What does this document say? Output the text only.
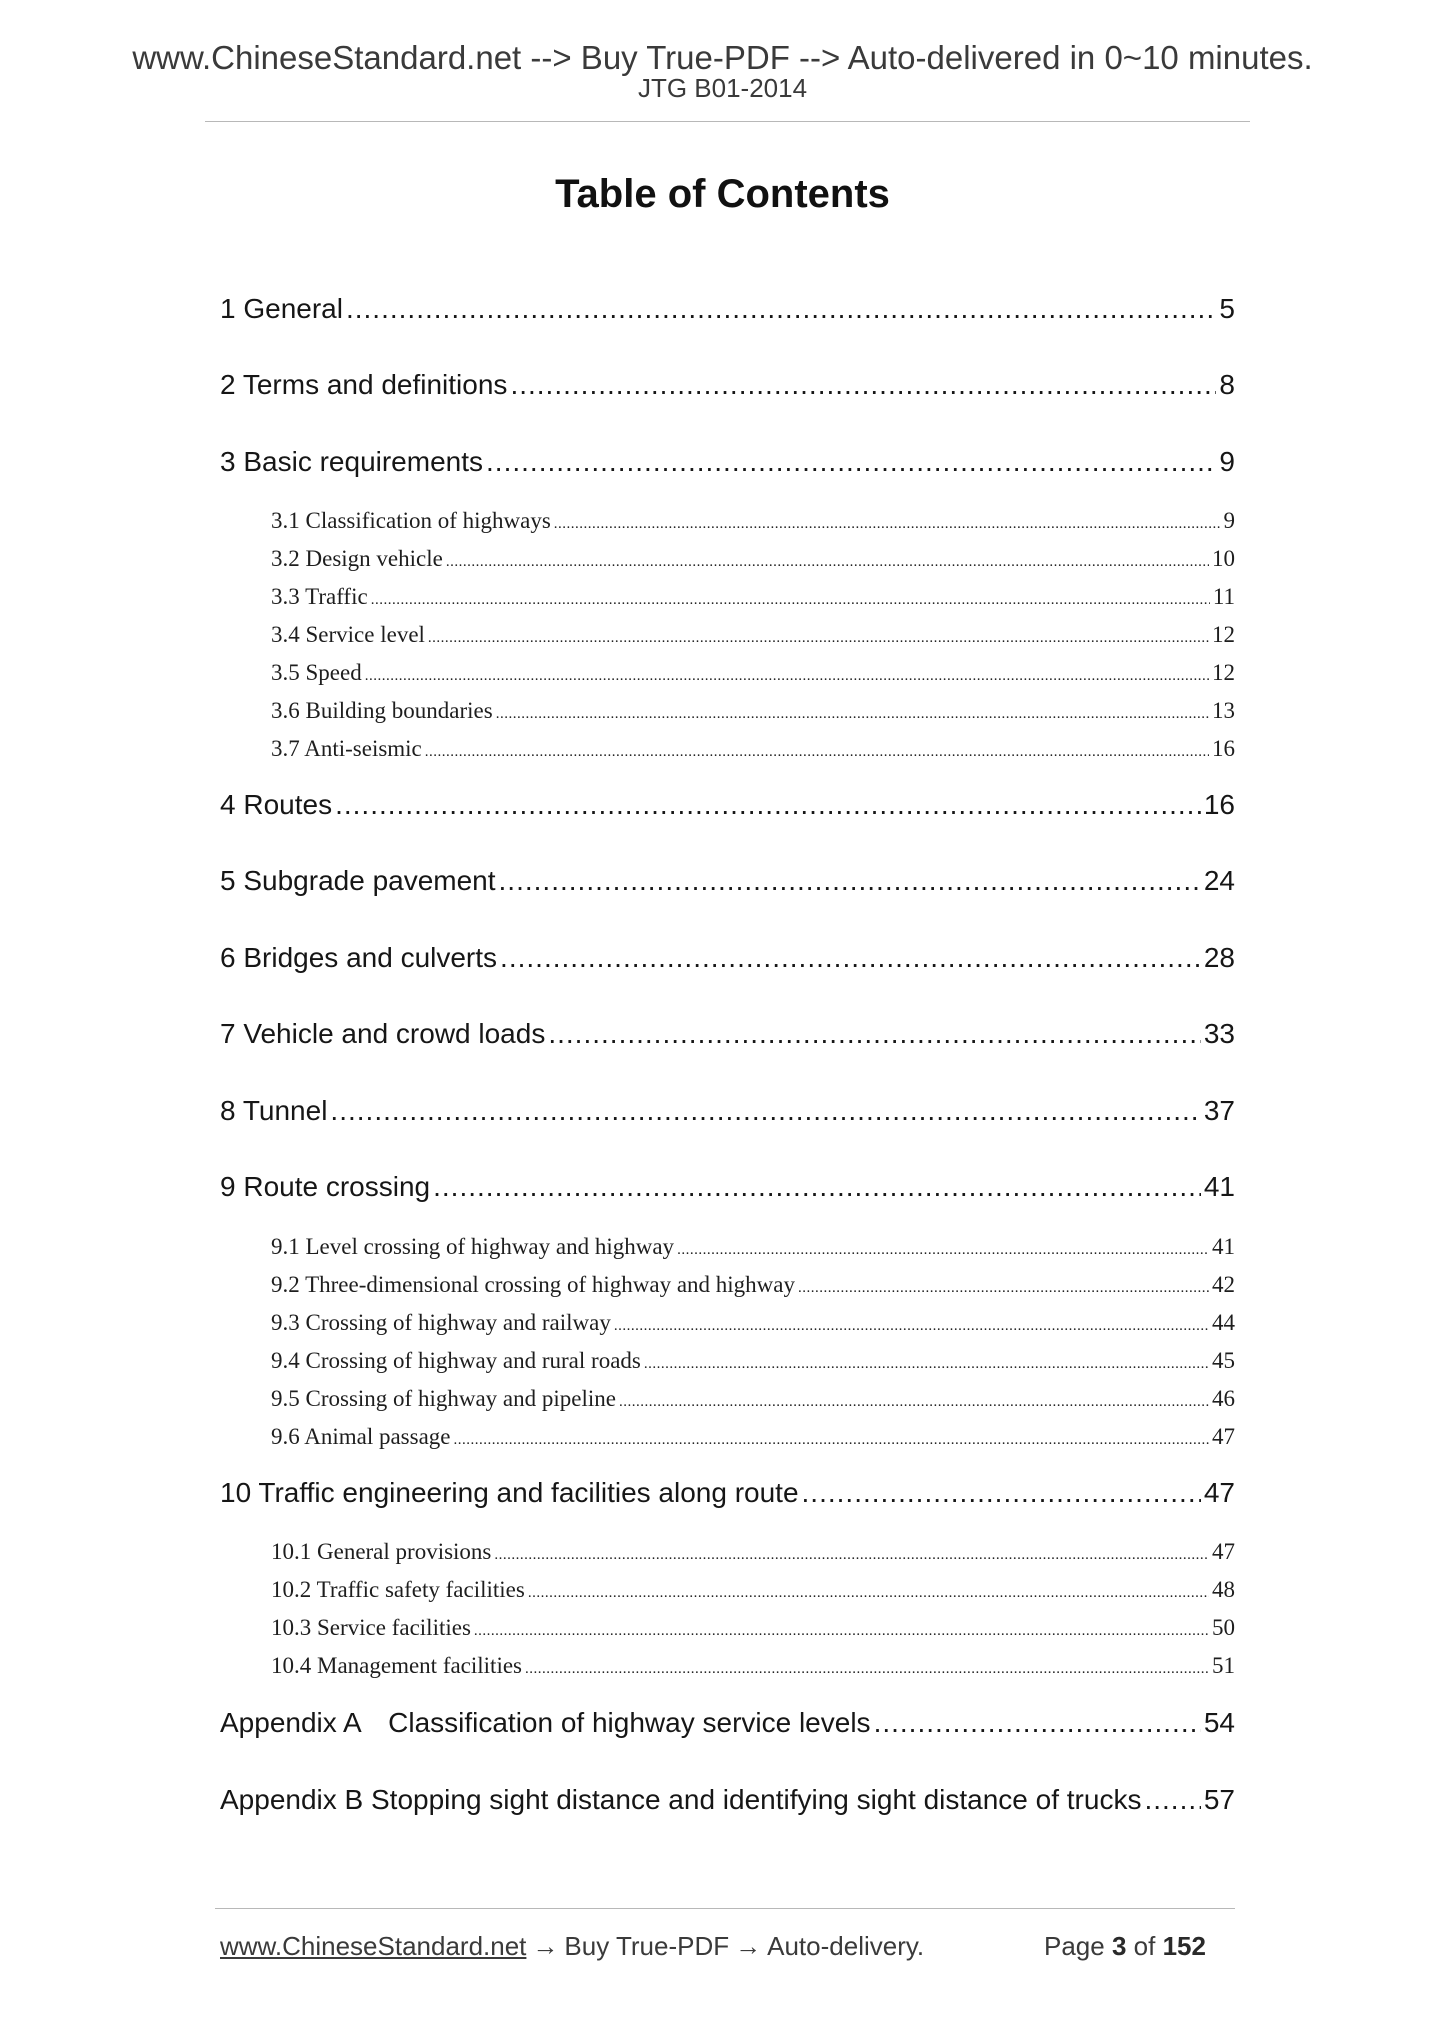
www.ChineseStandard.net --> Buy True-PDF --> Auto-delivered in 0~10 minutes.
JTG B01-2014
Table of Contents
1 General .....	5
2 Terms and definitions .....	8
3 Basic requirements .....	9
3.1 Classification of highways .....	9
3.2 Design vehicle .....	10
3.3 Traffic .....	11
3.4 Service level .....	12
3.5 Speed .....	12
3.6 Building boundaries .....	13
3.7 Anti-seismic .....	16
4 Routes .....	16
5 Subgrade pavement .....	24
6 Bridges and culverts .....	28
7 Vehicle and crowd loads .....	33
8 Tunnel .....	37
9 Route crossing .....	41
9.1 Level crossing of highway and highway .....	41
9.2 Three-dimensional crossing of highway and highway .....	42
9.3 Crossing of highway and railway .....	44
9.4 Crossing of highway and rural roads .....	45
9.5 Crossing of highway and pipeline .....	46
9.6 Animal passage .....	47
10 Traffic engineering and facilities along route .....	47
10.1 General provisions .....	47
10.2 Traffic safety facilities .....	48
10.3 Service facilities .....	50
10.4 Management facilities .....	51
Appendix A　Classification of highway service levels .....	54
Appendix B Stopping sight distance and identifying sight distance of trucks ..... 57
www.ChineseStandard.net → Buy True-PDF → Auto-delivery.	Page 3 of 152
